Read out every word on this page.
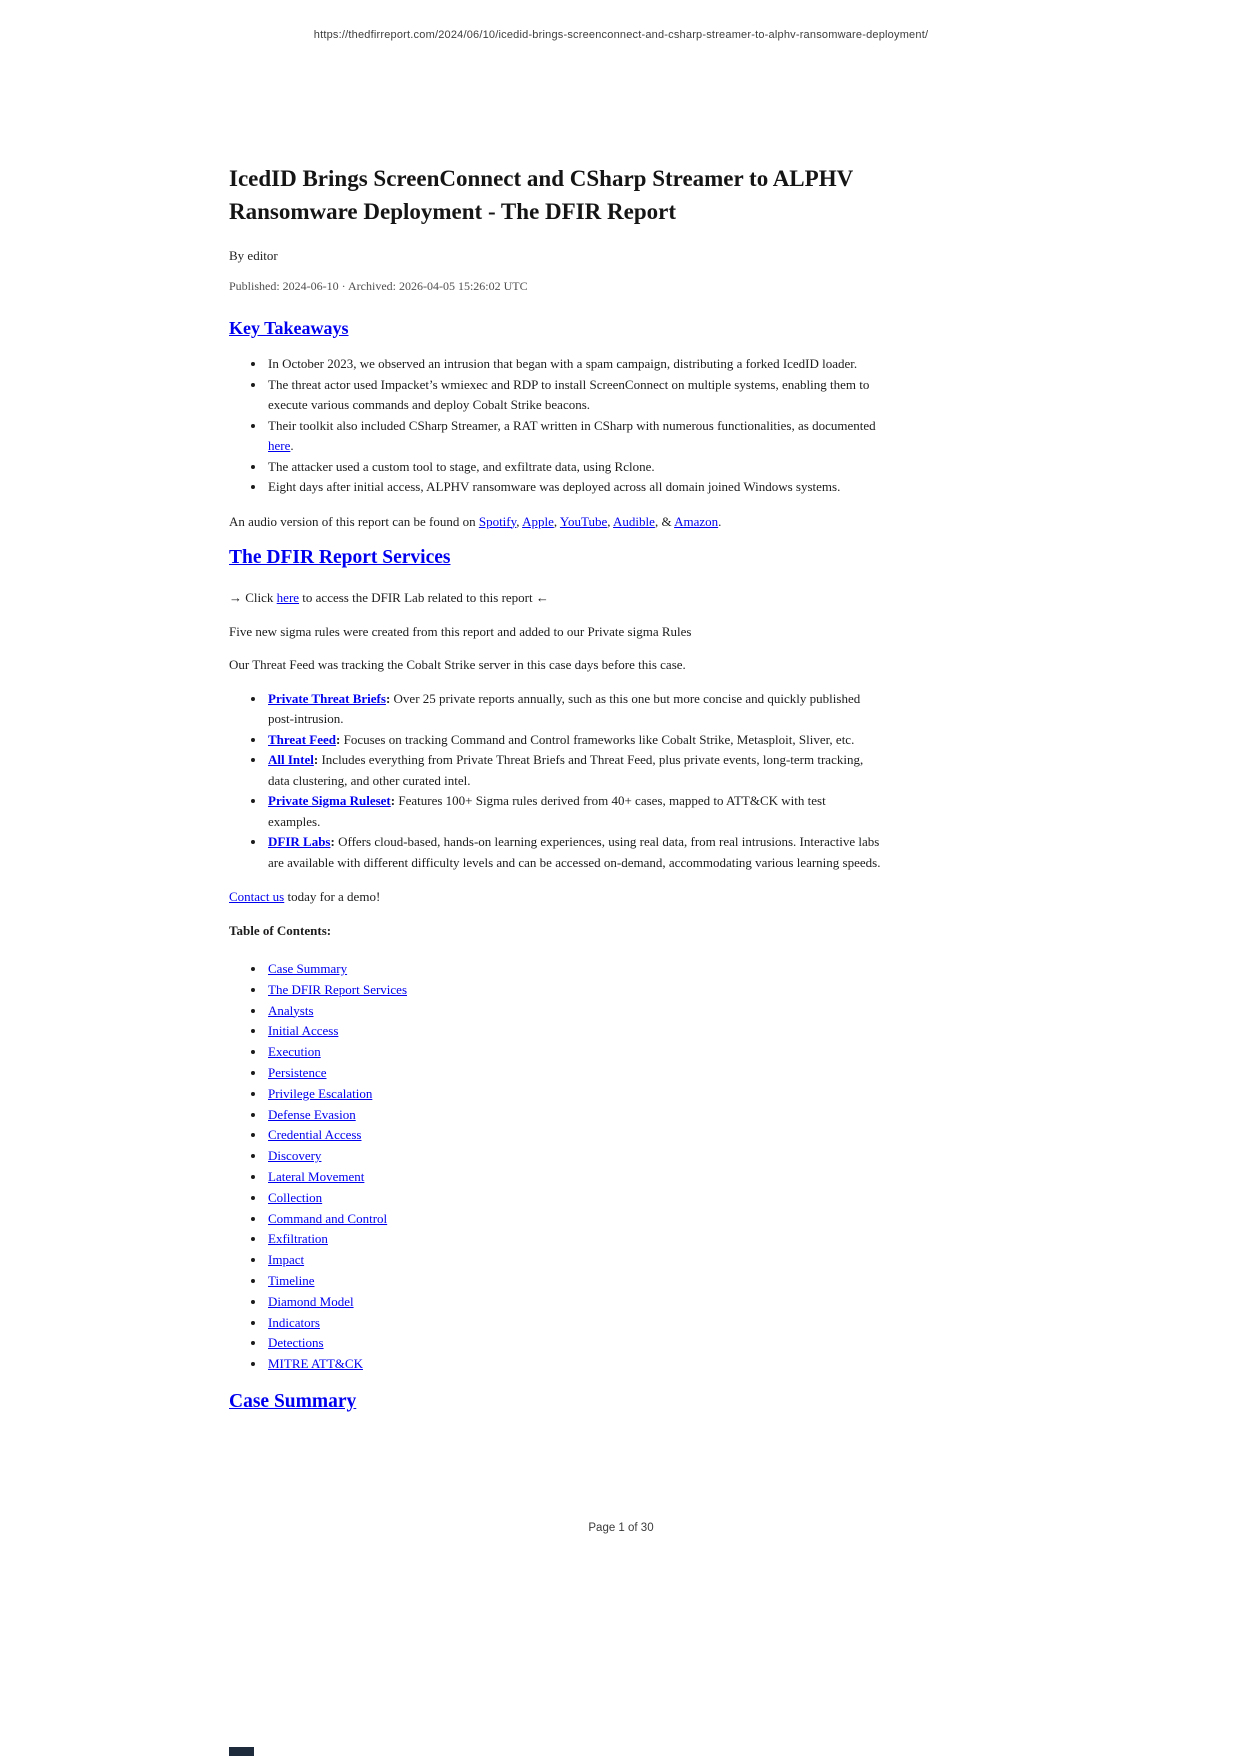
https://thedfirreport.com/2024/06/10/icedid-brings-screenconnect-and-csharp-streamer-to-alphv-ransomware-deployment/
IcedID Brings ScreenConnect and CSharp Streamer to ALPHV
Ransomware Deployment - The DFIR Report

By editor

Published: 2024-06-10 · Archived: 2026-04-05 15:26:02 UTC

Key Takeaways
• In October 2023, we observed an intrusion that began with a spam campaign, distributing a forked IcedID loader.
• The threat actor used Impacket’s wmiexec and RDP to install ScreenConnect on multiple systems, enabling them to execute various commands and deploy Cobalt Strike beacons.
• Their toolkit also included CSharp Streamer, a RAT written in CSharp with numerous functionalities, as documented here.
• The attacker used a custom tool to stage, and exfiltrate data, using Rclone.
• Eight days after initial access, ALPHV ransomware was deployed across all domain joined Windows systems.

An audio version of this report can be found on Spotify, Apple, YouTube, Audible, & Amazon.

The DFIR Report Services

→ Click here to access the DFIR Lab related to this report ←

Five new sigma rules were created from this report and added to our Private sigma Rules

Our Threat Feed was tracking the Cobalt Strike server in this case days before this case.

• Private Threat Briefs: Over 25 private reports annually, such as this one but more concise and quickly published post-intrusion.
• Threat Feed: Focuses on tracking Command and Control frameworks like Cobalt Strike, Metasploit, Sliver, etc.
• All Intel: Includes everything from Private Threat Briefs and Threat Feed, plus private events, long-term tracking, data clustering, and other curated intel.
• Private Sigma Ruleset: Features 100+ Sigma rules derived from 40+ cases, mapped to ATT&CK with test examples.
• DFIR Labs: Offers cloud-based, hands-on learning experiences, using real data, from real intrusions. Interactive labs are available with different difficulty levels and can be accessed on-demand, accommodating various learning speeds.

Contact us today for a demo!

Table of Contents:

• Case Summary
• The DFIR Report Services
• Analysts
• Initial Access
• Execution
• Persistence
• Privilege Escalation
• Defense Evasion
• Credential Access
• Discovery
• Lateral Movement
• Collection
• Command and Control
• Exfiltration
• Impact
• Timeline
• Diamond Model
• Indicators
• Detections
• MITRE ATT&CK
Case Summary
Page 1 of 30
